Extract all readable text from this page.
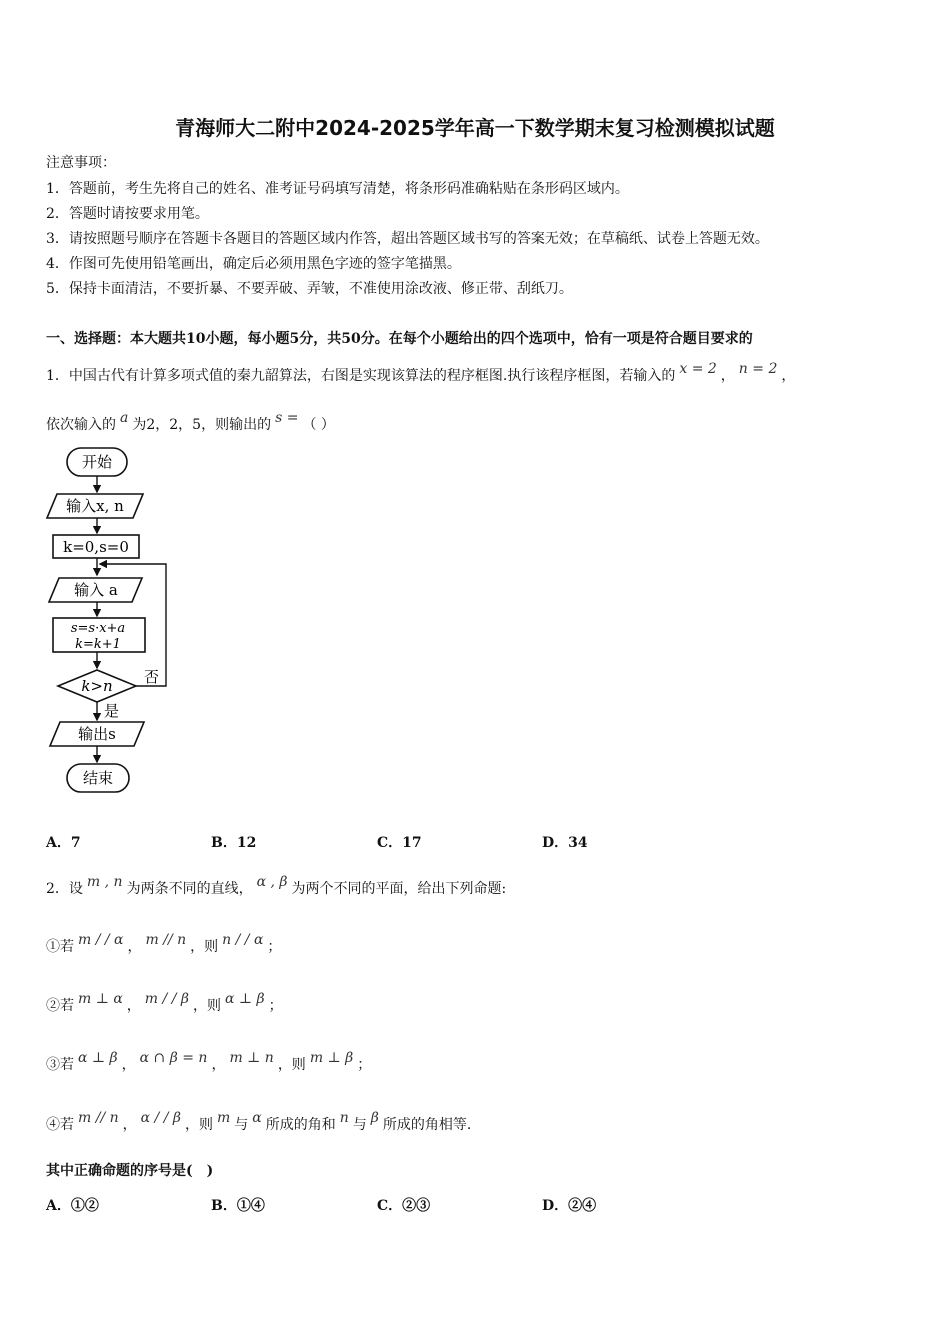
青海师大二附中2024-2025学年高一下数学期末复习检测模拟试题
注意事项：
1．答题前，考生先将自己的姓名、准考证号码填写清楚，将条形码准确粘贴在条形码区域内。
2．答题时请按要求用笔。
3．请按照题号顺序在答题卡各题目的答题区域内作答，超出答题区域书写的答案无效；在草稿纸、试卷上答题无效。
4．作图可先使用铅笔画出，确定后必须用黑色字迹的签字笔描黑。
5．保持卡面清洁，不要折暴、不要弄破、弄皱，不准使用涂改液、修正带、刮纸刀。
一、选择题：本大题共10小题，每小题5分，共50分。在每个小题给出的四个选项中，恰有一项是符合题目要求的
1．中国古代有计算多项式值的秦九韶算法，右图是实现该算法的程序框图.执行该程序框图，若输入的 x = 2 ， n = 2 ，
依次输入的 a 为2，2，5，则输出的 s = （ ）
开始
输入x, n
k=0,s=0
输入 a
s=s·x+a
k=k+1
k>n 否
是
输出s
结束
A．7	B．12	C．17	D．34
2．设 m , n 为两条不同的直线， α , β 为两个不同的平面，给出下列命题:
①若 m / / α ， m // n ，则 n / / α ；
②若 m ⊥ α ， m / / β ，则 α ⊥ β ；
③若 α ⊥ β ， α ∩ β = n ， m ⊥ n ，则 m ⊥ β ；
④若 m // n ， α / / β ，则 m 与 α 所成的角和 n 与 β 所成的角相等.
其中正确命题的序号是(　)
A．①②	B．①④	C．②③	D．②④
